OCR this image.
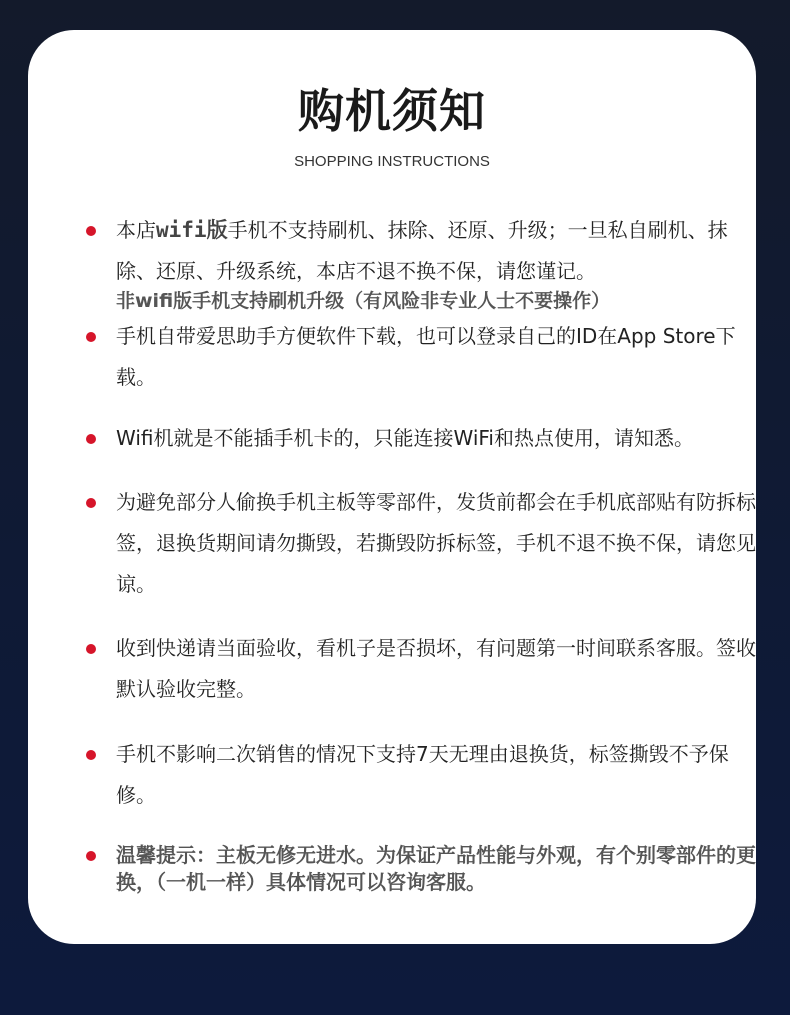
购机须知
SHOPPING INSTRUCTIONS

本店wifi版手机不支持刷机、抹除、还原、升级；一旦私自刷机、抹除、还原、升级系统，本店不退不换不保，请您谨记。

非wifi版手机支持刷机升级（有风险非专业人士不要操作）

手机自带爱思助手方便软件下载，也可以登录自己的ID在App Store下载。

Wifi机就是不能插手机卡的，只能连接WiFi和热点使用，请知悉。

为避免部分人偷换手机主板等零部件，发货前都会在手机底部贴有防拆标签，退换货期间请勿撕毁，若撕毁防拆标签，手机不退不换不保，请您见谅。

收到快递请当面验收，看机子是否损坏，有问题第一时间联系客服。签收默认验收完整。

手机不影响二次销售的情况下支持7天无理由退换货，标签撕毁不予保修。

温馨提示：主板无修无进水。为保证产品性能与外观，有个别零部件的更换，（一机一样）具体情况可以咨询客服。
